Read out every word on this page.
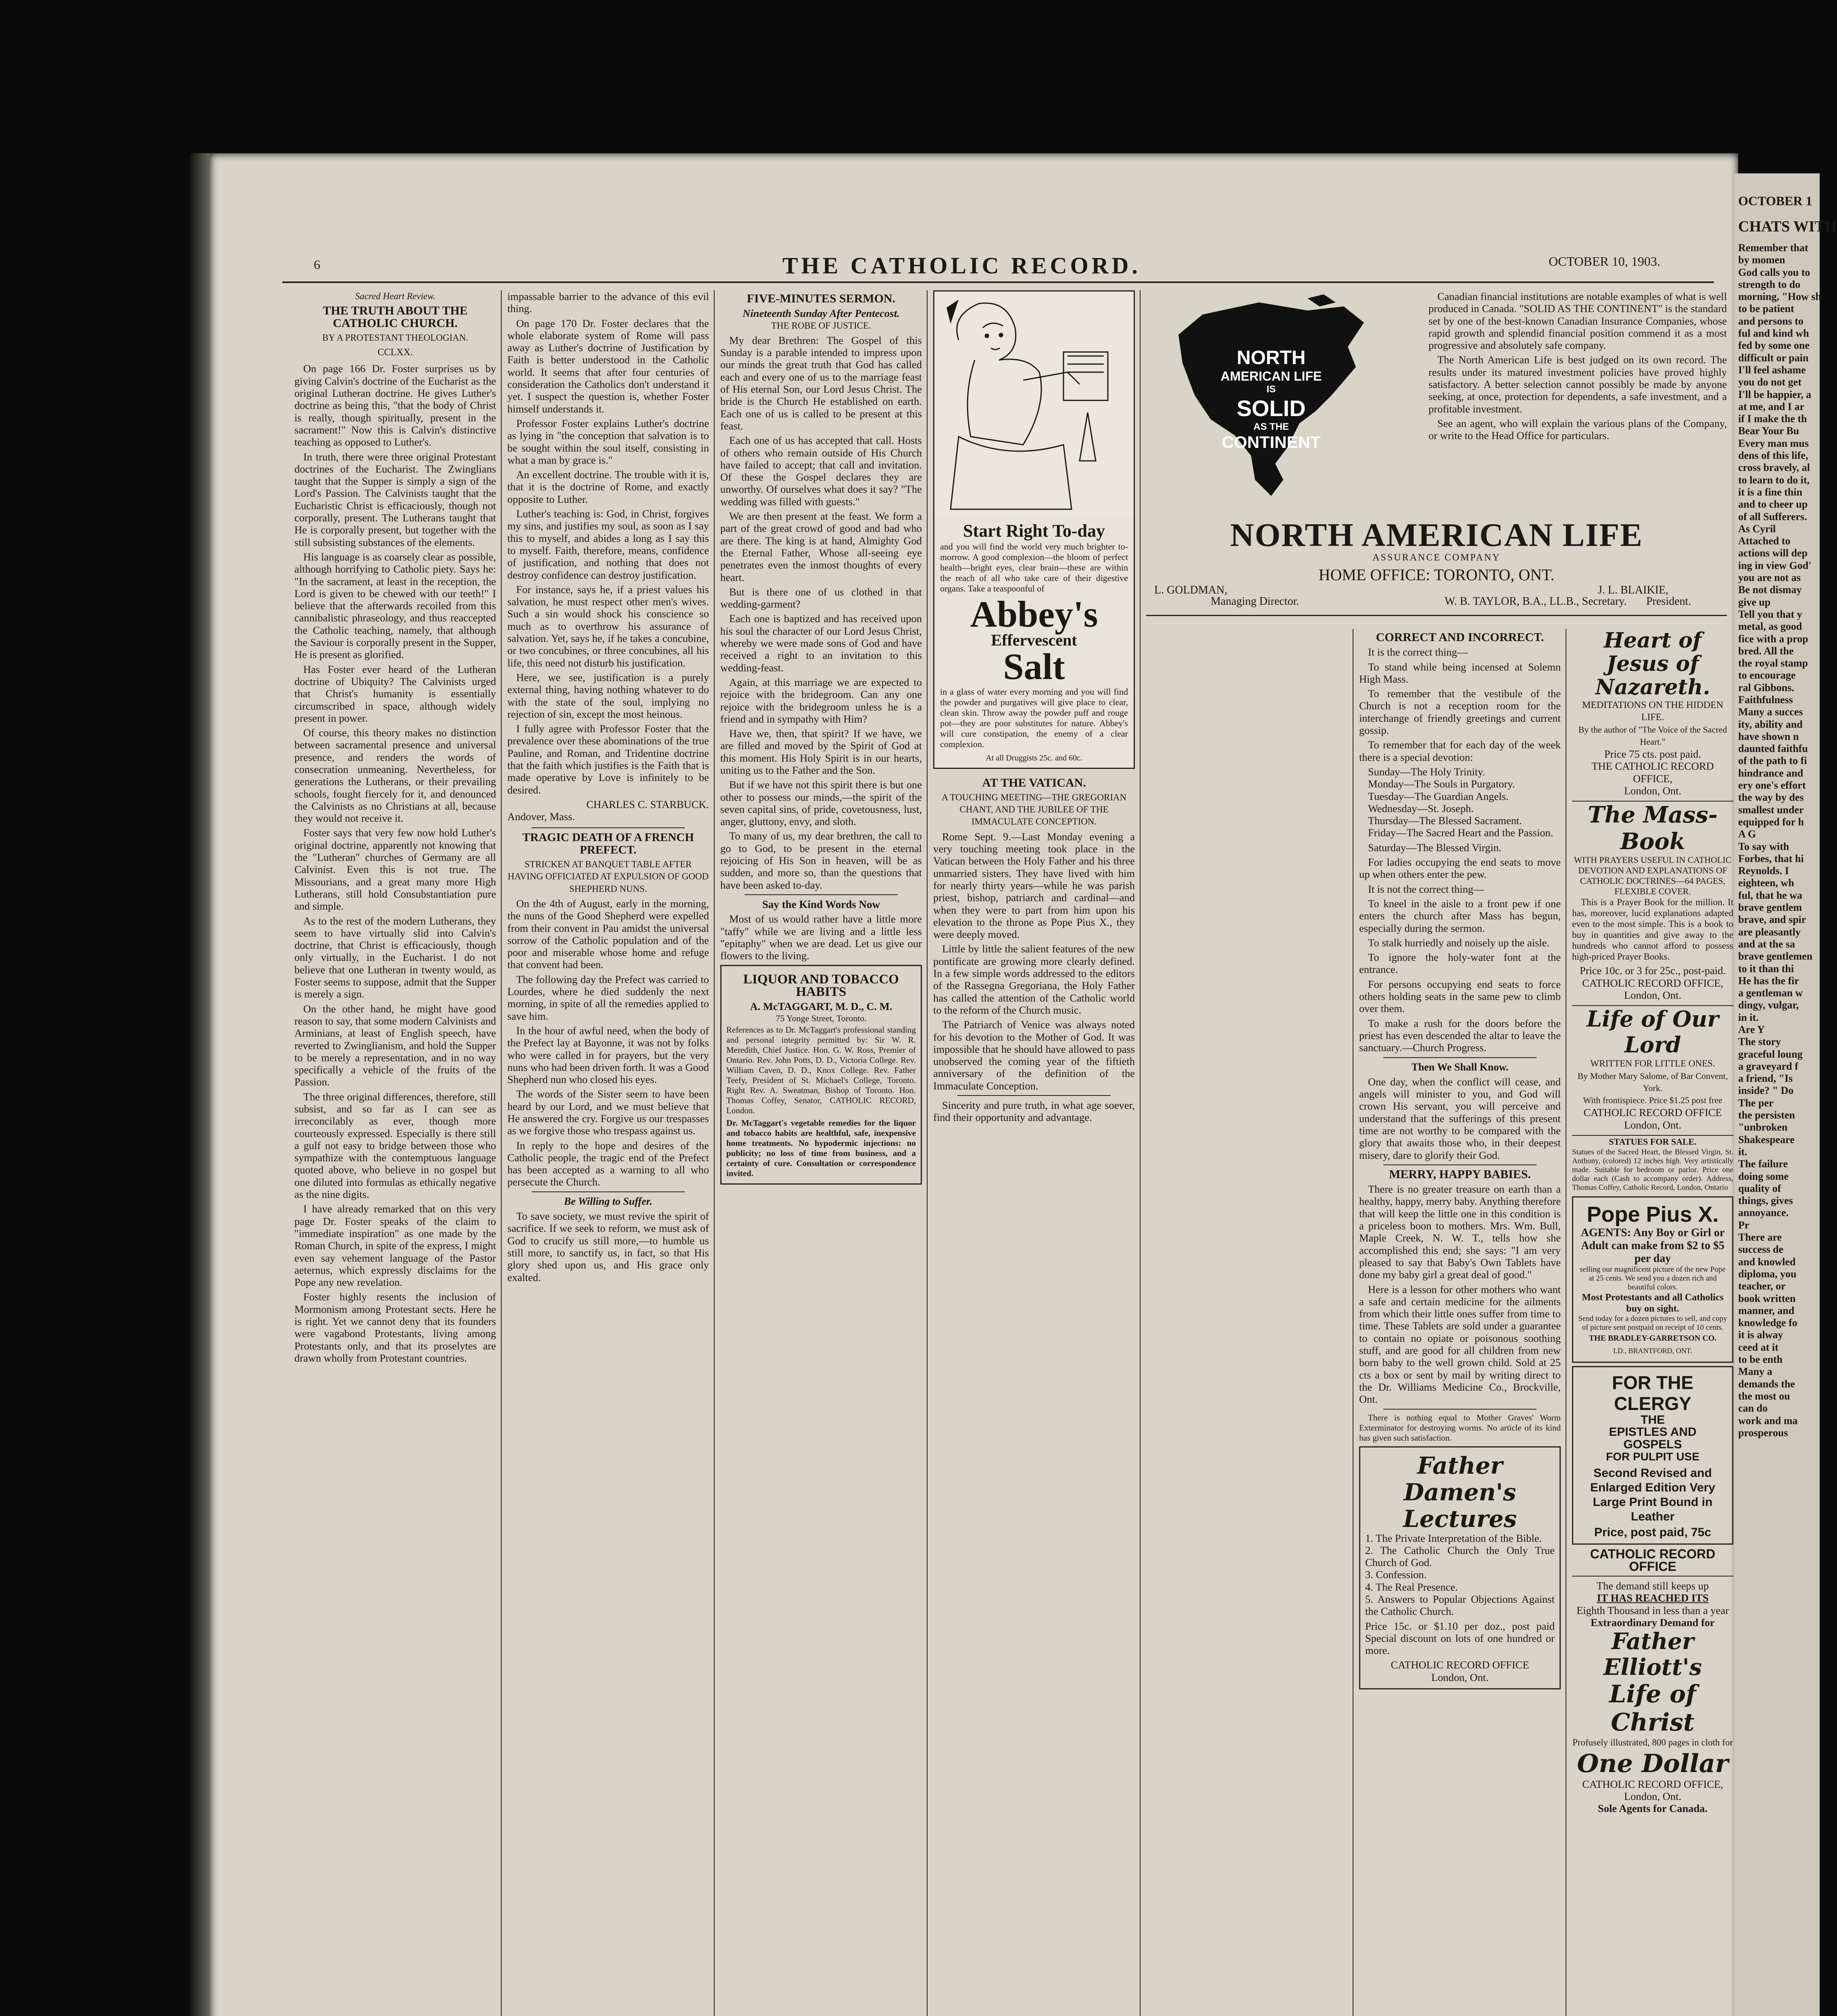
6	THE CATHOLIC RECORD.	OCTOBER 10, 1903.
Sacred Heart Review.
THE TRUTH ABOUT THE CATHOLIC CHURCH.
BY A PROTESTANT THEOLOGIAN.
CCLXX.

On page 166 Dr. Foster surprises us by giving Calvin's doctrine of the Eucharist as the original Lutheran doctrine. He gives Luther's doctrine as being this, "that the body of Christ is really, though spiritually, present in the sacrament!" Now this is Calvin's distinctive teaching as opposed to Luther's.

In truth, there were three original Protestant doctrines of the Eucharist. The Zwinglians taught that the Supper is simply a sign of the Lord's Passion. The Calvinists taught that the Eucharistic Christ is efficaciously, though not corporally, present. The Lutherans taught that He is corporally present, but together with the still subsisting substances of the elements.

His language is as coarsely clear as possible, although horrifying to Catholic piety. Says he: "In the sacrament, at least in the reception, the Lord is given to be chewed with our teeth!" I believe that the afterwards recoiled from this cannibalistic phraseology, and thus reaccepted the Catholic teaching, namely, that although the Saviour is corporally present in the Supper, He is present as glorified.

Has Foster ever heard of the Lutheran doctrine of Ubiquity? The Calvinists urged that Christ's humanity is essentially circumscribed in space, although widely present in power.

Of course, this theory makes no distinction between sacramental presence and universal presence, and renders the words of consecration unmeaning. Nevertheless, for generations the Lutherans, or their prevailing schools, fought fiercely for it, and denounced the Calvinists as no Christians at all, because they would not receive it.

Foster says that very few now hold Luther's original doctrine, apparently not knowing that the "Lutheran" churches of Germany are all Calvinist. Even this is not true. The Missourians, and a great many more High Lutherans, still hold Consubstantiation pure and simple.

As to the rest of the modern Lutherans, they seem to have virtually slid into Calvin's doctrine, that Christ is efficaciously, though only virtually, in the Eucharist. I do not believe that one Lutheran in twenty would, as Foster seems to suppose, admit that the Supper is merely a sign.

On the other hand, he might have good reason to say, that some modern Calvinists and Arminians, at least of English speech, have reverted to Zwinglianism, and hold the Supper to be merely a representation, and in no way specifically a vehicle of the fruits of the Passion.

The three original differences, therefore, still subsist, and so far as I can see as irreconcilably as ever, though more courteously expressed. Especially is there still a gulf not easy to bridge between those who sympathize with the contemptuous language quoted above, who believe in no gospel but one diluted into formulas as ethically negative as the nine digits.

I have already remarked that on this very page Dr. Foster speaks of the claim to "immediate inspiration" as one made by the Roman Church, in spite of the express, I might even say vehement language of the Pastor aeternus, which expressly disclaims for the Pope any new revelation.

Foster highly resents the inclusion of Mormonism among Protestant sects. Here he is right. Yet we cannot deny that its founders were vagabond Protestants, living among Protestants only, and that its proselytes are drawn wholly from Protestant countries.

impassable barrier to the advance of this evil thing.

On page 170 Dr. Foster declares that the whole elaborate system of Rome will pass away as Luther's doctrine of Justification by Faith is better understood in the Catholic world. It seems that after four centuries of consideration the Catholics don't understand it yet. I suspect the question is, whether Foster himself understands it.

Professor Foster explains Luther's doctrine as lying in "the conception that salvation is to be sought within the soul itself, consisting in what a man by grace is."

An excellent doctrine. The trouble with it is, that it is the doctrine of Rome, and exactly opposite to Luther.

Luther's teaching is: God, in Christ, forgives my sins, and justifies my soul, as soon as I say this to myself, and abides a long as I say this to myself. Faith, therefore, means, confidence of justification, and nothing that does not destroy confidence can destroy justification.

For instance, says he, if a priest values his salvation, he must respect other men's wives. Such a sin would shock his conscience so much as to overthrow his assurance of salvation. Yet, says he, if he takes a concubine, or two concubines, or three concubines, all his life, this need not disturb his justification.

Here, we see, justification is a purely external thing, having nothing whatever to do with the state of the soul, implying no rejection of sin, except the most heinous.

I fully agree with Professor Foster that the prevalence over these abominations of the true Pauline, and Roman, and Tridentine doctrine that the faith which justifies is the Faith that is made operative by Love is infinitely to be desired.

CHARLES C. STARBUCK.
Andover, Mass.
TRAGIC DEATH OF A FRENCH PREFECT.
STRICKEN AT BANQUET TABLE AFTER HAVING OFFICIATED AT EXPULSION OF GOOD SHEPHERD NUNS.

On the 4th of August, early in the morning, the nuns of the Good Shepherd were expelled from their convent in Pau amidst the universal sorrow of the Catholic population and of the poor and miserable whose home and refuge that convent had been.

The following day the Prefect was carried to Lourdes, where he died suddenly the next morning, in spite of all the remedies applied to save him.

In the hour of awful need, when the body of the Prefect lay at Bayonne, it was not by folks who were called in for prayers, but the very nuns who had been driven forth. It was a Good Shepherd nun who closed his eyes.

The words of the Sister seem to have been heard by our Lord, and we must believe that He answered the cry. Forgive us our trespasses as we forgive those who trespass against us.

In reply to the hope and desires of the Catholic people, the tragic end of the Prefect has been accepted as a warning to all who persecute the Church.

Be Willing to Suffer.

To save society, we must revive the spirit of sacrifice. If we seek to reform, we must ask of God to crucify us still more,—to humble us still more, to sanctify us, in fact, so that His glory shed upon us, and His grace only exalted.

FIVE-MINUTES SERMON.
Nineteenth Sunday After Pentecost.
THE ROBE OF JUSTICE.

My dear Brethren: The Gospel of this Sunday is a parable intended to impress upon our minds the great truth that God has called each and every one of us to the marriage feast of His eternal Son, our Lord Jesus Christ. The bride is the Church He established on earth. Each one of us is called to be present at this feast.

Each one of us has accepted that call. Hosts of others who remain outside of His Church have failed to accept; that call and invitation. Of these the Gospel declares they are unworthy. Of ourselves what does it say? "The wedding was filled with guests."

We are then present at the feast. We form a part of the great crowd of good and bad who are there. The king is at hand, Almighty God the Eternal Father, Whose all-seeing eye penetrates even the inmost thoughts of every heart.

But is there one of us clothed in that wedding-garment?

Each one is baptized and has received upon his soul the character of our Lord Jesus Christ, whereby we were made sons of God and have received a right to an invitation to this wedding-feast.

Again, at this marriage we are expected to rejoice with the bridegroom. Can any one rejoice with the bridegroom unless he is a friend and in sympathy with Him?

Have we, then, that spirit? If we have, we are filled and moved by the Spirit of God at this moment. His Holy Spirit is in our hearts, uniting us to the Father and the Son.

But if we have not this spirit there is but one other to possess our minds,—the spirit of the seven capital sins, of pride, covetousness, lust, anger, gluttony, envy, and sloth.

To many of us, my dear brethren, the call to go to God, to be present in the eternal rejoicing of His Son in heaven, will be as sudden, and more so, than the questions that have been asked to-day.

Say the Kind Words Now

Most of us would rather have a little more "taffy" while we are living and a little less "epitaphy" when we are dead. Let us give our flowers to the living.

LIQUOR AND TOBACCO HABITS
A. McTAGGART, M. D., C. M.
75 Yonge Street, Toronto.
References as to Dr. McTaggart's professional standing and personal integrity permitted by: Sir W. R. Meredith, Chief Justice. Hon. G. W. Ross, Premier of Ontario. Rev. John Potts, D. D., Victoria College. Rev. William Caven, D. D., Knox College. Rev. Father Teefy, President of St. Michael's College, Toronto. Right Rev. A. Sweatman, Bishop of Toronto. Hon. Thomas Coffey, Senator, CATHOLIC RECORD, London.
Dr. McTaggart's vegetable remedies for the liquor and tobacco habits are healthful, safe, inexpensive home treatments. No hypodermic injections: no publicity; no loss of time from business, and a certainty of cure. Consultation or correspondence invited.
Start Right To-day
and you will find the world very much brighter to-morrow. A good complexion—the bloom of perfect health—bright eyes, clear brain—these are within the reach of all who take care of their digestive organs. Take a teaspoonful of
Abbey's
Effervescent
Salt
in a glass of water every morning and you will find the powder and purgatives will give place to clear, clean skin. Throw away the powder puff and rouge pot—they are poor substitutes for nature. Abbey's will cure constipation, the enemy of a clear complexion.
At all Druggists 25c. and 60c.
AT THE VATICAN.
A TOUCHING MEETING—THE GREGORIAN CHANT, AND THE JUBILEE OF THE IMMACULATE CONCEPTION.

Rome Sept. 9.—Last Monday evening a very touching meeting took place in the Vatican between the Holy Father and his three unmarried sisters. They have lived with him for nearly thirty years—while he was parish priest, bishop, patriarch and cardinal—and when they were to part from him upon his elevation to the throne as Pope Pius X., they were deeply moved.

Little by little the salient features of the new pontificate are growing more clearly defined. In a few simple words addressed to the editors of the Rassegna Gregoriana, the Holy Father has called the attention of the Catholic world to the reform of the Church music.

The Patriarch of Venice was always noted for his devotion to the Mother of God. It was impossible that he should have allowed to pass unobserved the coming year of the fiftieth anniversary of the definition of the Immaculate Conception.

Sincerity and pure truth, in what age soever, find their opportunity and advantage.

NORTH
AMERICAN LIFE
IS
SOLID
AS THE
CONTINENT

Canadian financial institutions are notable examples of what is well produced in Canada. "SOLID AS THE CONTINENT" is the standard set by one of the best-known Canadian Insurance Companies, whose rapid growth and splendid financial position commend it as a most progressive and absolutely safe company.

The North American Life is best judged on its own record. The results under its matured investment policies have proved highly satisfactory. A better selection cannot possibly be made by anyone seeking, at once, protection for dependents, a safe investment, and a profitable investment.

See an agent, who will explain the various plans of the Company, or write to the Head Office for particulars.

NORTH AMERICAN LIFE
ASSURANCE COMPANY
HOME OFFICE: TORONTO, ONT.
L. GOLDMAN,
Managing Director.
J. L. BLAIKIE,
President.
W. B. TAYLOR, B.A., LL.B., Secretary.
CORRECT AND INCORRECT.

It is the correct thing—

To stand while being incensed at Solemn High Mass.

To remember that the vestibule of the Church is not a reception room for the interchange of friendly greetings and current gossip.

To remember that for each day of the week there is a special devotion:

Sunday—The Holy Trinity.

Monday—The Souls in Purgatory.

Tuesday—The Guardian Angels.

Wednesday—St. Joseph.

Thursday—The Blessed Sacrament.

Friday—The Sacred Heart and the Passion.

Saturday—The Blessed Virgin.

For ladies occupying the end seats to move up when others enter the pew.

It is not the correct thing—

To kneel in the aisle to a front pew if one enters the church after Mass has begun, especially during the sermon.

To stalk hurriedly and noisely up the aisle.

To ignore the holy-water font at the entrance.

For persons occupying end seats to force others holding seats in the same pew to climb over them.

To make a rush for the doors before the priest has even descended the altar to leave the sanctuary.—Church Progress.

Then We Shall Know.

One day, when the conflict will cease, and angels will minister to you, and God will crown His servant, you will perceive and understand that the sufferings of this present time are not worthy to be compared with the glory that awaits those who, in their deepest misery, dare to glorify their God.

MERRY, HAPPY BABIES.

There is no greater treasure on earth than a healthy, happy, merry baby. Anything therefore that will keep the little one in this condition is a priceless boon to mothers. Mrs. Wm. Bull, Maple Creek, N. W. T., tells how she accomplished this end; she says: "I am very pleased to say that Baby's Own Tablets have done my baby girl a great deal of good."

Here is a lesson for other mothers who want a safe and certain medicine for the ailments from which their little ones suffer from time to time. These Tablets are sold under a guarantee to contain no opiate or poisonous soothing stuff, and are good for all children from new born baby to the well grown child. Sold at 25 cts a box or sent by mail by writing direct to the Dr. Williams Medicine Co., Brockville, Ont.

There is nothing equal to Mother Graves' Worm Exterminator for destroying worms. No article of its kind has given such satisfaction.

Father Damen's Lectures
1. The Private Interpretation of the Bible.
2. The Catholic Church the Only True Church of God.
3. Confession.
4. The Real Presence.
5. Answers to Popular Objections Against the Catholic Church.
Price 15c. or $1.10 per doz., post paid Special discount on lots of one hundred or more.
CATHOLIC RECORD OFFICE
London, Ont.
Heart of Jesus of Nazareth.
MEDITATIONS ON THE HIDDEN LIFE.
By the author of "The Voice of the Sacred Heart."
Price 75 cts. post paid.
THE CATHOLIC RECORD OFFICE,
London, Ont.
The Mass-Book
WITH PRAYERS USEFUL IN CATHOLIC DEVOTION AND EXPLANATIONS OF CATHOLIC DOCTRINES—64 PAGES, FLEXIBLE COVER.

This is a Prayer Book for the million. It has, moreover, lucid explanations adapted even to the most simple. This is a book to buy in quantities and give away to the hundreds who cannot afford to possess high-priced Prayer Books.

Price 10c. or 3 for 25c., post-paid.
CATHOLIC RECORD OFFICE,
London, Ont.
Life of Our Lord
WRITTEN FOR LITTLE ONES.
By Mother Mary Salome, of Bar Convent, York.
With frontispiece. Price $1.25 post free
CATHOLIC RECORD OFFICE
London, Ont.
STATUES FOR SALE.
Statues of the Sacred Heart, the Blessed Virgin, St. Anthony, (colored) 12 inches high. Very artistically made. Suitable for bedroom or parlor. Price one dollar each (Cash to accompany order). Address, Thomas Coffey, Catholic Record, London, Ontario
Pope Pius X.
AGENTS: Any Boy or Girl or Adult can make from $2 to $5 per day
selling our magnificent picture of the new Pope at 25 cents. We send you a dozen rich and beautiful colors.
Most Protestants and all Catholics buy on sight.
Send today for a dozen pictures to sell, and copy of picture sent postpaid on receipt of 10 cents.
THE BRADLEY-GARRETSON CO.
LD., BRANTFORD, ONT.
FOR THE CLERGY
THE
EPISTLES AND
GOSPELS
FOR PULPIT USE
Second Revised and Enlarged Edition Very Large Print Bound in Leather
Price, post paid, 75c
CATHOLIC RECORD OFFICE
The demand still keeps up
IT HAS REACHED ITS
Eighth Thousand in less than a year
Extraordinary Demand for
Father Elliott's
Life of Christ
Profusely illustrated, 800 pages in cloth for
One Dollar
CATHOLIC RECORD OFFICE,
London, Ont.
Sole Agents for Canada.
OCTOBER 1
CHATS WITH
Remember that
by momen
God calls you to
strength to do
morning, "How sh
to be patient
and persons to
ful and kind wh
fed by some one
difficult or pain
I'll feel ashame
you do not get
I'll be happier, a
at me, and I ar
if I make the th
Bear Your Bu
Every man mus
dens of this life,
cross bravely, al
to learn to do it,
it is a fine thin
and to cheer up
of all Sufferers.
As Cyril
Attached to
actions will dep
ing in view God'
you are not as
Be not dismay
give up
Tell you that y
metal, as good
fice with a prop
bred. All the
the royal stamp
to encourage
ral Gibbons.
Faithfulness
Many a succes
ity, ability and
have shown n
daunted faithfu
of the path to fi
hindrance and
ery one's effort
the way by des
smallest under
equipped for h
A G
To say with
Forbes, that hi
Reynolds. I
eighteen, wh
ful, that he wa
brave gentlem
brave, and spir
are pleasantly
and at the sa
brave gentlemen
to it than thi
He has the fir
a gentleman w
dingy, vulgar,
in it.
Are Y
The story
graceful loung
a graveyard f
a friend, "Is
inside? " Do
The per
the persisten
"unbroken
Shakespeare
it.
The failure
doing some
quality of
things, gives
annoyance.
Pr
There are
success de
and knowled
diploma, you
teacher, or
book written
manner, and
knowledge fo
it is alway
ceed at it
to be enth
Many a
demands the
the most ou
can do
work and ma
prosperous
